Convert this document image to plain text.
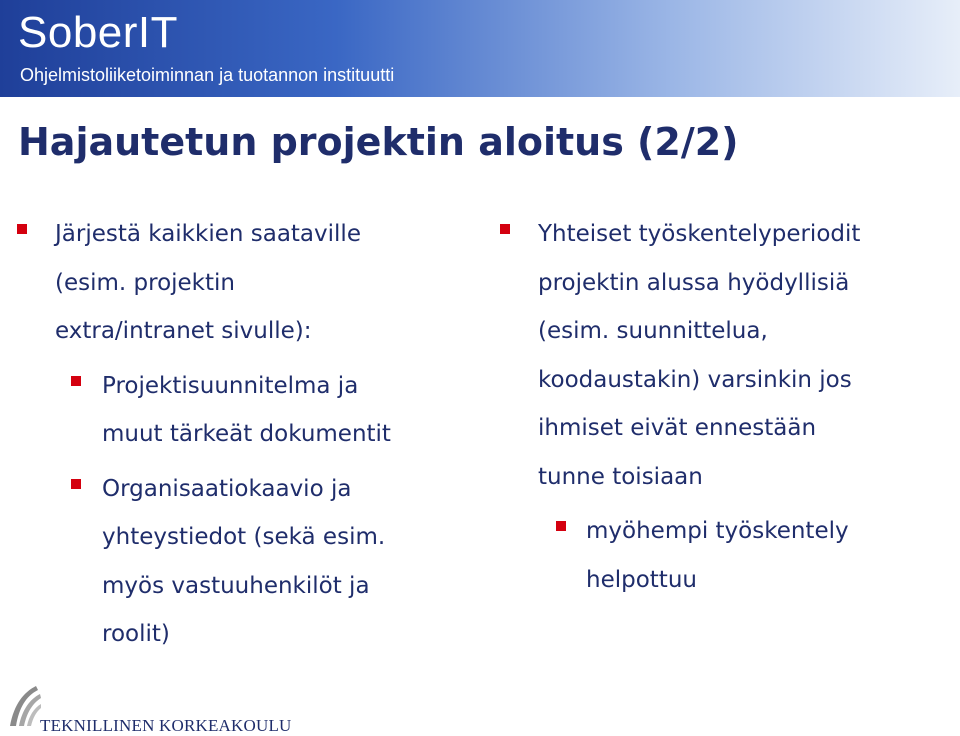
SoberIT
Ohjelmistoliiketoiminnan ja tuotannon instituutti
Hajautetun projektin aloitus (2/2)
Järjestä kaikkien saataville
(esim. projektin
extra/intranet sivulle):
Projektisuunnitelma ja
muut tärkeät dokumentit
Organisaatiokaavio ja
yhteystiedot (sekä esim.
myös vastuuhenkilöt ja
roolit)
Yhteiset työskentelyperiodit
projektin alussa hyödyllisiä
(esim. suunnittelua,
koodaustakin) varsinkin jos
ihmiset eivät ennestään
tunne toisiaan
myöhempi työskentely
helpottuu
TEKNILLINEN KORKEAKOULU
